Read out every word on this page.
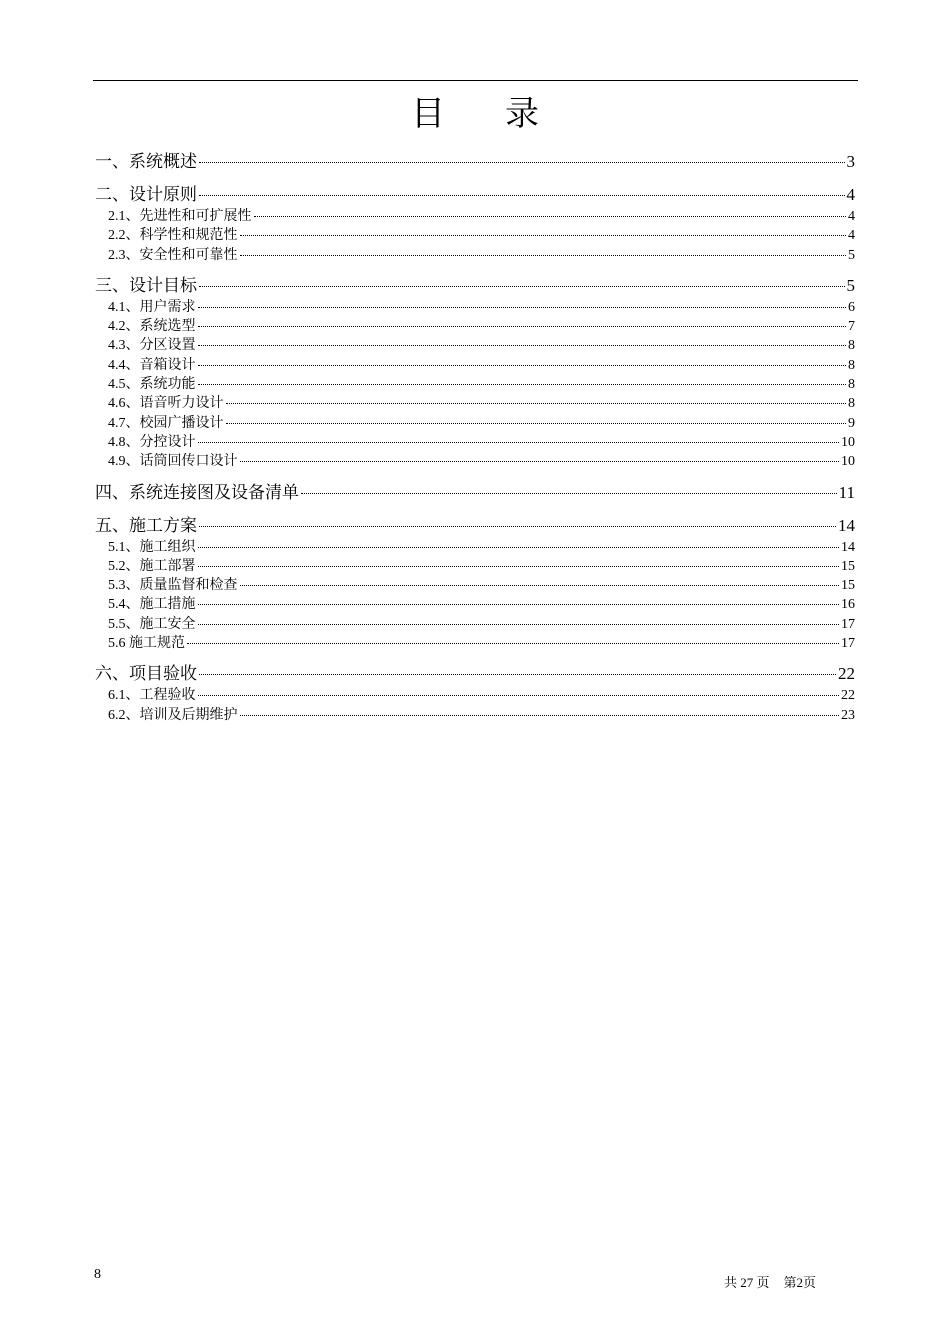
目 录
一、系统概述	3
二、设计原则	4
2.1、先进性和可扩展性	4
2.2、科学性和规范性	4
2.3、安全性和可靠性	5
三、设计目标	5
4.1、用户需求	6
4.2、系统选型	7
4.3、分区设置	8
4.4、音箱设计	8
4.5、系统功能	8
4.6、语音听力设计	8
4.7、校园广播设计	9
4.8、分控设计	10
4.9、话筒回传口设计	10
四、系统连接图及设备清单	11
五、施工方案	14
5.1、施工组织	14
5.2、施工部署	15
5.3、质量监督和检查	15
5.4、施工措施	16
5.5、施工安全	17
5.6 施工规范	17
六、项目验收	22
6.1、工程验收	22
6.2、培训及后期维护	23
8
共 27 页 第2页
